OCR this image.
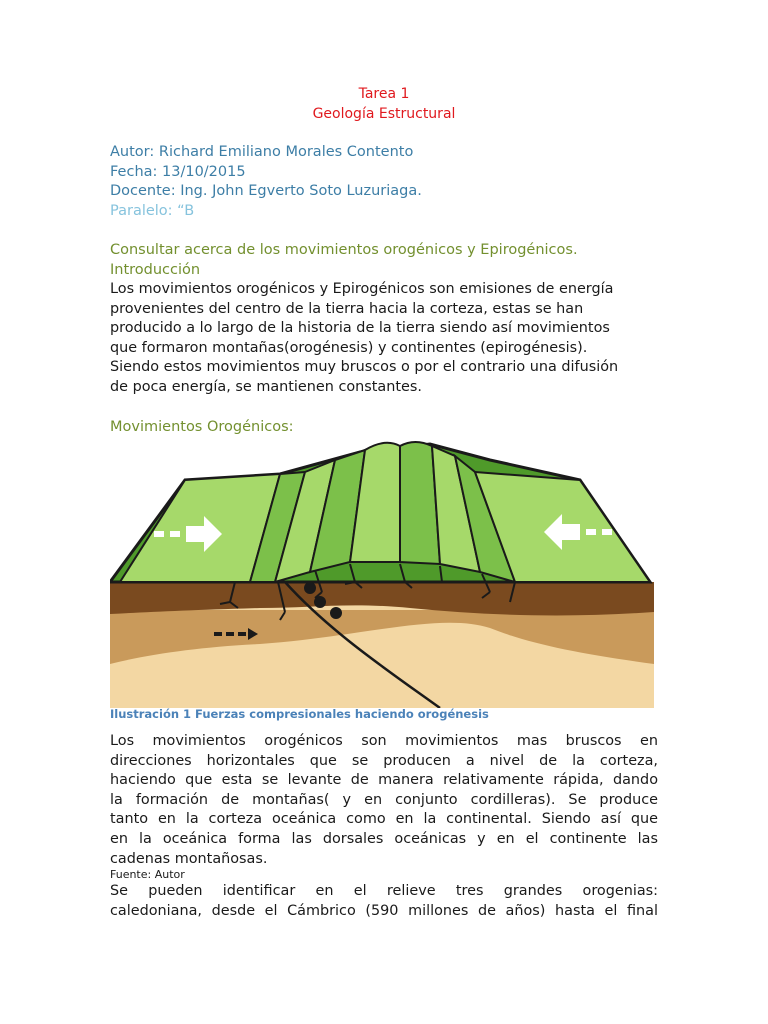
Tarea 1
Geología Estructural
Autor: Richard Emiliano Morales Contento
Fecha: 13/10/2015
Docente: Ing. John Egverto Soto Luzuriaga.
Paralelo: “B
Consultar acerca de los movimientos orogénicos y Epirogénicos.
Introducción
Los movimientos orogénicos y Epirogénicos son emisiones de energía
provenientes del centro de la tierra hacia la corteza, estas se han
producido a lo largo de la historia de la tierra siendo así movimientos
que formaron montañas(orogénesis) y continentes (epirogénesis).
Siendo estos movimientos muy bruscos o por el contrario una difusión
de poca energía, se mantienen constantes.
Movimientos Orogénicos:
Ilustración 1 Fuerzas compresionales haciendo orogénesis
Los movimientos orogénicos son movimientos mas bruscos en
direcciones horizontales que se producen a nivel de la corteza,
haciendo que esta se levante de manera relativamente rápida, dando
la formación de montañas( y en conjunto cordilleras). Se produce
tanto en la corteza oceánica como en la continental. Siendo así que
en la oceánica forma las dorsales oceánicas y en el continente las
cadenas montañosas.
Fuente: Autor
Se pueden identificar en el relieve tres grandes orogenias:
caledoniana, desde el Cámbrico (590 millones de años) hasta el final
